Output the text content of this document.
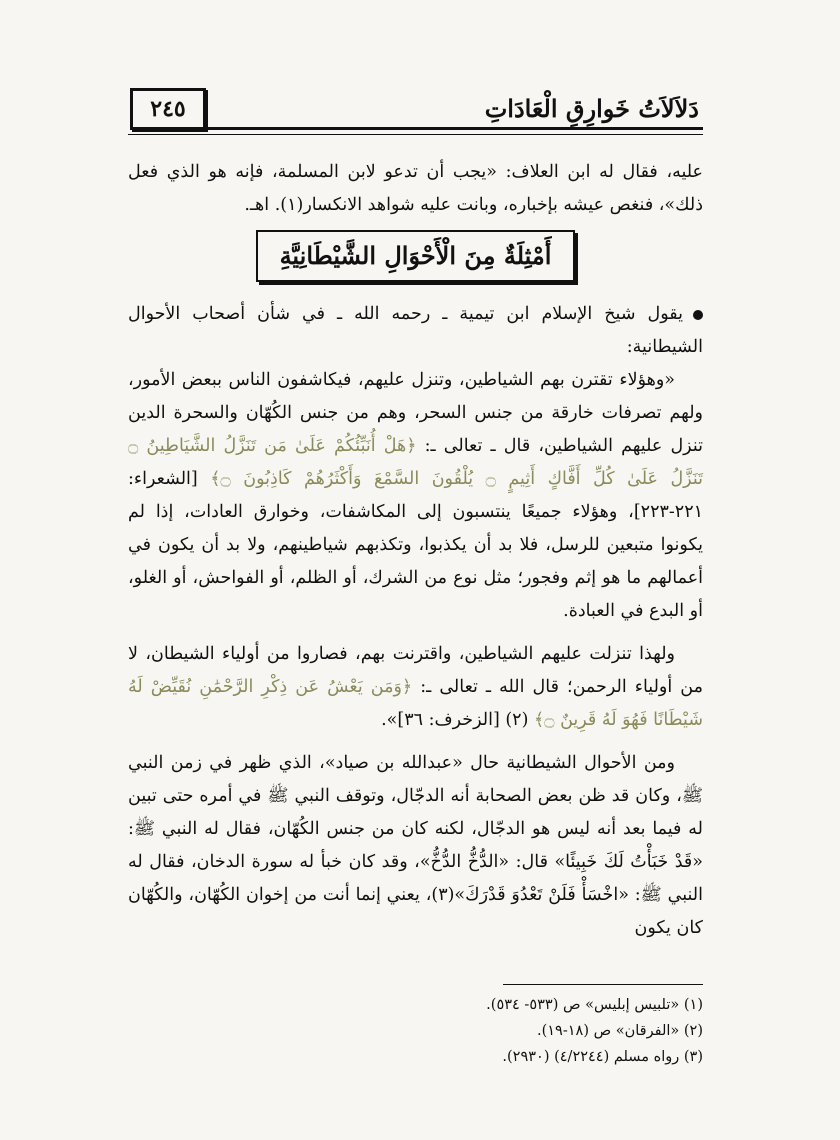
٢٤٥	دَلاَلاَتُ خَوارِقِ الْعَادَاتِ

عليه، فقال له ابن العلاف: «يجب أن تدعو لابن المسلمة، فإنه هو الذي فعل ذلك»، فنغص عيشه بإخباره، وبانت عليه شواهد الانكسار(١). اهـ.

أَمْثِلَةٌ مِنَ الْأَحْوَالِ الشَّيْطَانِيَّةِ

يقول شيخ الإسلام ابن تيمية ـ رحمه الله ـ في شأن أصحاب الأحوال الشيطانية:

«وهؤلاء تقترن بهم الشياطين، وتنزل عليهم، فيكاشفون الناس ببعض الأمور، ولهم تصرفات خارقة من جنس السحر، وهم من جنس الكُهّان والسحرة الدين تنزل عليهم الشياطين، قال ـ تعالى ـ: ﴿هَلْ أُنَبِّئُكُمْ عَلَىٰ مَن تَنَزَّلُ الشَّيَاطِينُ ۝ تَنَزَّلُ عَلَىٰ كُلِّ أَفَّاكٍ أَثِيمٍ ۝ يُلْقُونَ السَّمْعَ وَأَكْثَرُهُمْ كَاذِبُونَ ۝﴾ [الشعراء: ٢٢١-٢٢٣]، وهؤلاء جميعًا ينتسبون إلى المكاشفات، وخوارق العادات، إذا لم يكونوا متبعين للرسل، فلا بد أن يكذبوا، وتكذبهم شياطينهم، ولا بد أن يكون في أعمالهم ما هو إثم وفجور؛ مثل نوع من الشرك، أو الظلم، أو الفواحش، أو الغلو، أو البدع في العبادة.

ولهذا تنزلت عليهم الشياطين، واقترنت بهم، فصاروا من أولياء الشيطان، لا من أولياء الرحمن؛ قال الله ـ تعالى ـ: ﴿وَمَن يَعْشُ عَن ذِكْرِ الرَّحْمَٰنِ نُقَيِّضْ لَهُ شَيْطَانًا فَهُوَ لَهُ قَرِينٌ ۝﴾ (٢) [الزخرف: ٣٦]».

ومن الأحوال الشيطانية حال «عبدالله بن صياد»، الذي ظهر في زمن النبي ﷺ، وكان قد ظن بعض الصحابة أنه الدجّال، وتوقف النبي ﷺ في أمره حتى تبين له فيما بعد أنه ليس هو الدجّال، لكنه كان من جنس الكُهّان، فقال له النبي ﷺ: «قَدْ خَبَأْتُ لَكَ خَبِيئًا» قال: «الدُّخُّ الدُّخُّ»، وقد كان خبأ له سورة الدخان، فقال له النبي ﷺ: «اخْسَأْ فَلَنْ تَعْدُوَ قَدْرَكَ»(٣)، يعني إنما أنت من إخوان الكُهّان، والكُهّان كان يكون

(١) «تلبيس إبليس» ص (٥٣٣- ٥٣٤).

(٢) «الفرقان» ص (١٨-١٩).

(٣) رواه مسلم (٤/٢٢٤٤) (٢٩٣٠).
